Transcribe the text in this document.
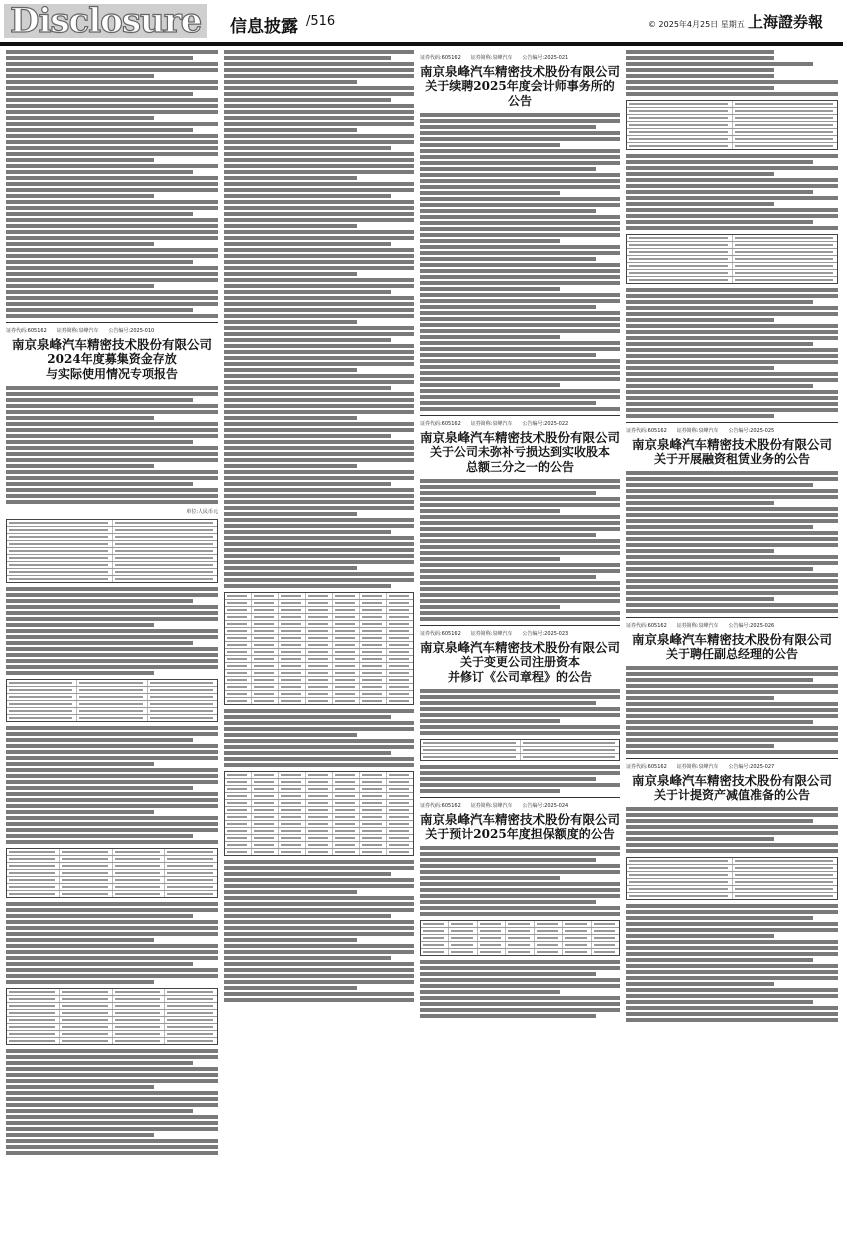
Disclosure	信息披露 /516	© 2025年4月25日 星期五 上海證券報
证券代码:605162 证券简称:泉峰汽车 公告编号:2025-010
南京泉峰汽车精密技术股份有限公司
2024年度募集资金存放
与实际使用情况专项报告
单位:人民币元
证券代码:605162 证券简称:泉峰汽车 公告编号:2025-021
南京泉峰汽车精密技术股份有限公司
关于续聘2025年度会计师事务所的公告
证券代码:605162 证券简称:泉峰汽车 公告编号:2025-022
南京泉峰汽车精密技术股份有限公司
关于公司未弥补亏损达到实收股本
总额三分之一的公告
证券代码:605162 证券简称:泉峰汽车 公告编号:2025-023
南京泉峰汽车精密技术股份有限公司
关于变更公司注册资本
并修订《公司章程》的公告
证券代码:605162 证券简称:泉峰汽车 公告编号:2025-024
南京泉峰汽车精密技术股份有限公司
关于预计2025年度担保额度的公告
证券代码:605162 证券简称:泉峰汽车 公告编号:2025-025
南京泉峰汽车精密技术股份有限公司
关于开展融资租赁业务的公告
证券代码:605162 证券简称:泉峰汽车 公告编号:2025-026
南京泉峰汽车精密技术股份有限公司
关于聘任副总经理的公告
证券代码:605162 证券简称:泉峰汽车 公告编号:2025-027
南京泉峰汽车精密技术股份有限公司
关于计提资产减值准备的公告
